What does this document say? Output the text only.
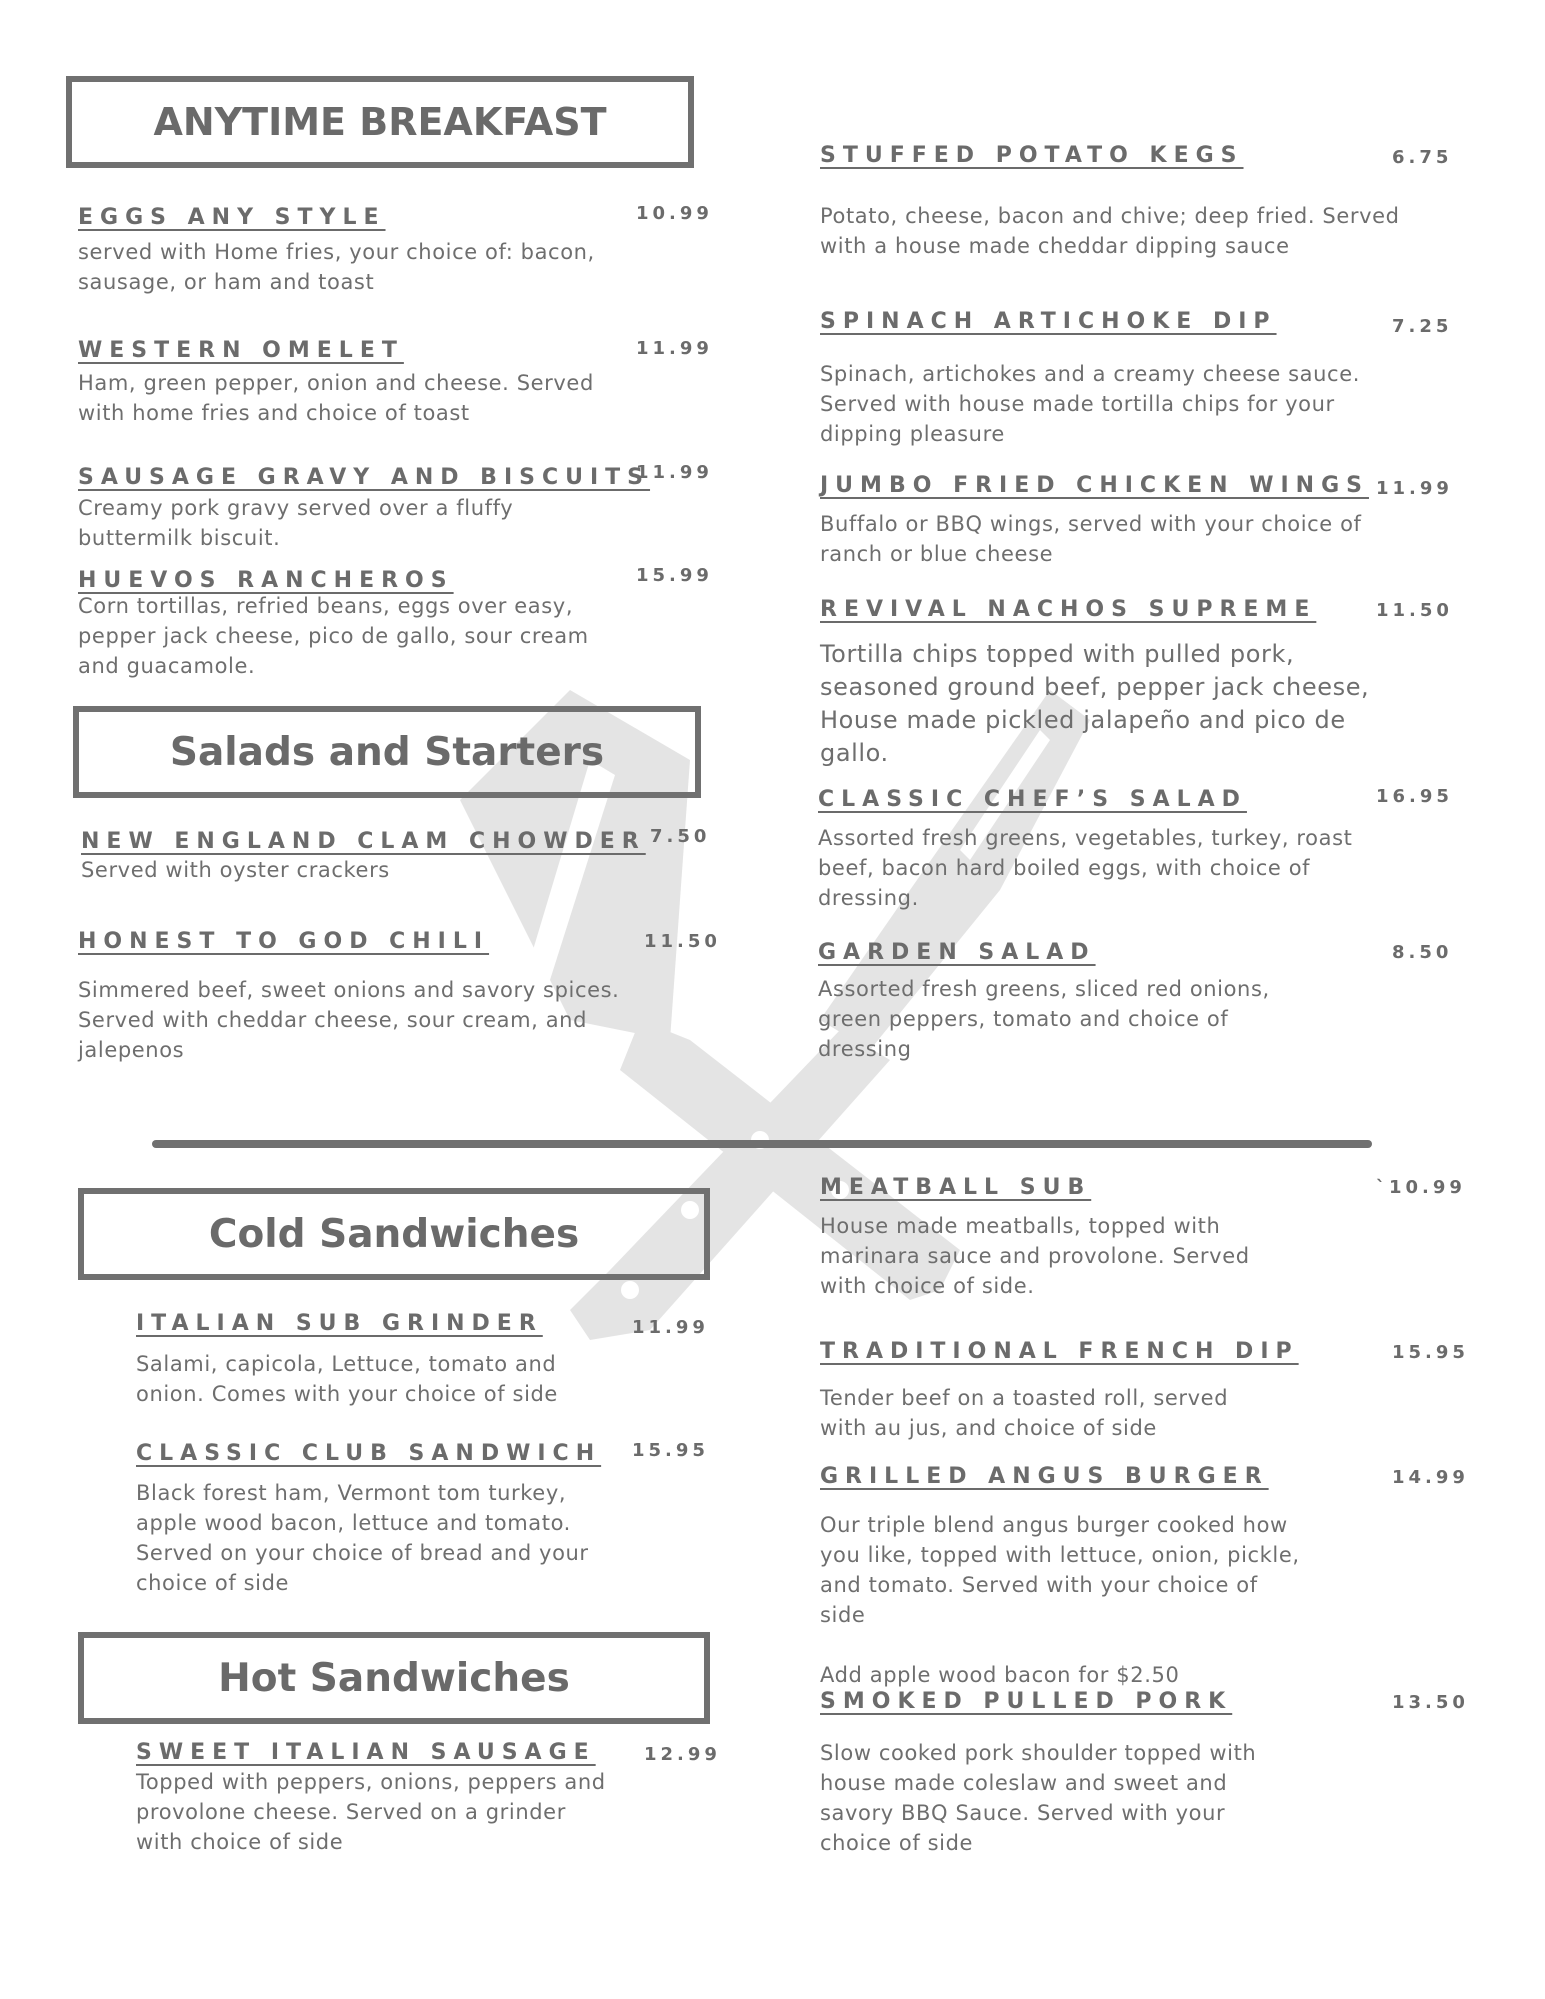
ANYTIME BREAKFAST
Salads and Starters
Cold Sandwiches
Hot Sandwiches
EGGS ANY STYLE	10.99
served with Home fries, your choice of: bacon, sausage, or ham and toast
WESTERN OMELET	11.99
Ham, green pepper, onion and cheese. Served with home fries and choice of toast
SAUSAGE GRAVY AND BISCUITS
11.99
Creamy pork gravy served over a fluffy buttermilk biscuit.
HUEVOS RANCHEROS	15.99
Corn tortillas, refried beans, eggs over easy, pepper jack cheese, pico de gallo, sour cream and guacamole.
NEW ENGLAND CLAM CHOWDER 7.50
Served with oyster crackers
HONEST TO GOD CHILI	11.50
Simmered beef, sweet onions and savory spices. Served with cheddar cheese, sour cream, and jalepenos
STUFFED POTATO KEGS	6.75
Potato, cheese, bacon and chive; deep fried. Served with a house made cheddar dipping sauce
SPINACH ARTICHOKE DIP	7.25
Spinach, artichokes and a creamy cheese sauce. Served with house made tortilla chips for your dipping pleasure
JUMBO FRIED CHICKEN WINGS 11.99
Buffalo or BBQ wings, served with your choice of ranch or blue cheese
REVIVAL NACHOS SUPREME	11.50
Tortilla chips topped with pulled pork, seasoned ground beef, pepper jack cheese, House made pickled jalapeño and pico de gallo.
CLASSIC CHEF’S SALAD	16.95
Assorted fresh greens, vegetables, turkey, roast beef, bacon hard boiled eggs, with choice of dressing.
GARDEN SALAD	8.50
Assorted fresh greens, sliced red onions, green peppers, tomato and choice of dressing
ITALIAN SUB GRINDER	11.99
Salami, capicola, Lettuce, tomato and onion. Comes with your choice of side
CLASSIC CLUB SANDWICH 15.95
Black forest ham, Vermont tom turkey, apple wood bacon, lettuce and tomato. Served on your choice of bread and your choice of side
SWEET ITALIAN SAUSAGE	12.99
Topped with peppers, onions, peppers and provolone cheese. Served on a grinder with choice of side
MEATBALL SUB	`10.99
House made meatballs, topped with marinara sauce and provolone. Served with choice of side.
TRADITIONAL FRENCH DIP	15.95
Tender beef on a toasted roll, served with au jus, and choice of side
GRILLED ANGUS BURGER	14.99
Our triple blend angus burger cooked how you like, topped with lettuce, onion, pickle, and tomato. Served with your choice of side
Add apple wood bacon for $2.50
SMOKED PULLED PORK	13.50
Slow cooked pork shoulder topped with house made coleslaw and sweet and savory BBQ Sauce. Served with your choice of side
